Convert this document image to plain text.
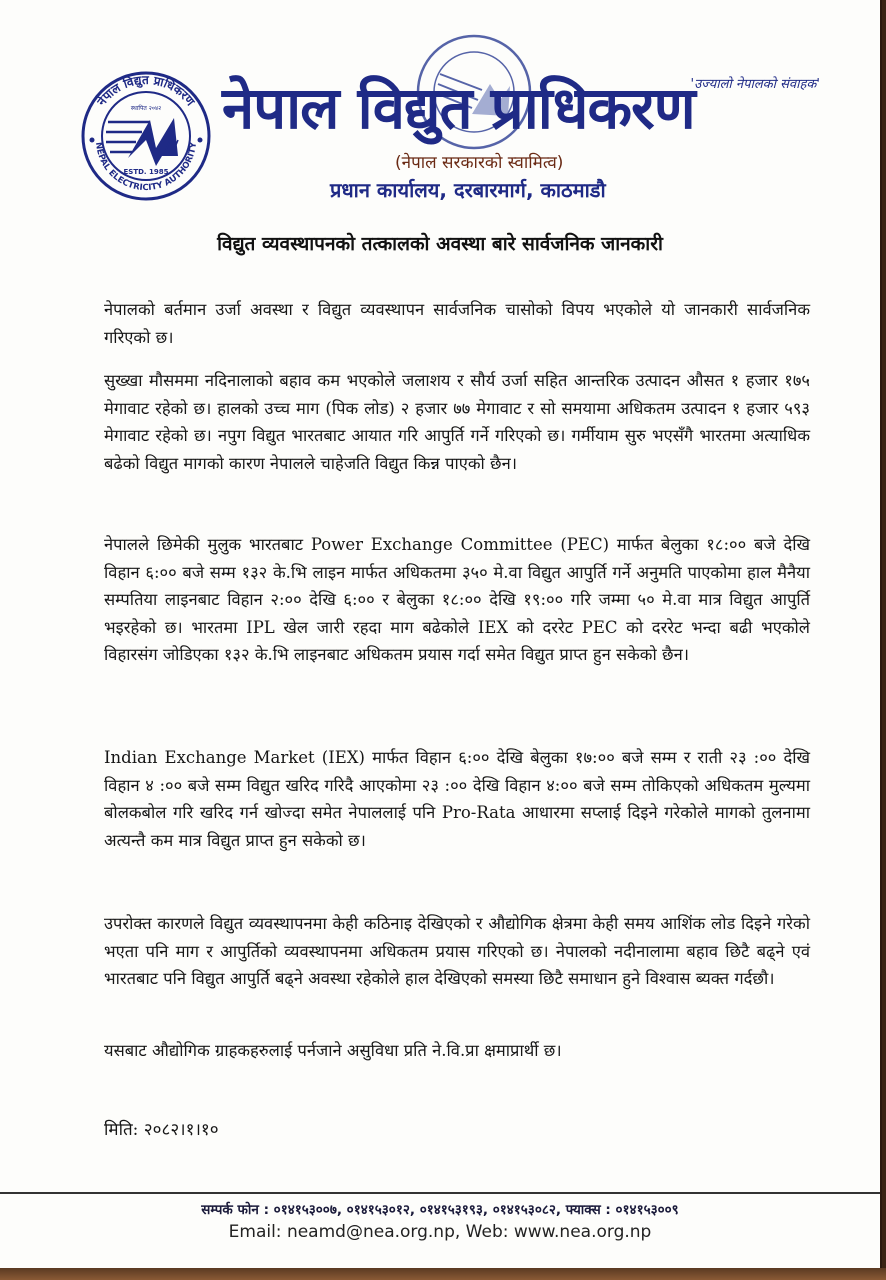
स्थापित २०४२
ESTD. 1985
नेपाल विद्युत प्राधिकरण
NEPAL ELECTRICITY AUTHORITY
नेपाल विद्युत प्राधिकरण
'उज्यालो नेपालको संवाहक'
(नेपाल सरकारको स्वामित्व)
प्रधान कार्यालय, दरबारमार्ग, काठमाडौ
विद्युत व्यवस्थापनको तत्कालको अवस्था बारे सार्वजनिक जानकारी

नेपालको बर्तमान उर्जा अवस्था र विद्युत व्यवस्थापन सार्वजनिक चासोको विपय भएकोले यो जानकारी सार्वजनिक गरिएको छ।

सुख्खा मौसममा नदिनालाको बहाव कम भएकोले जलाशय र सौर्य उर्जा सहित आन्तरिक उत्पादन औसत १ हजार १७५ मेगावाट रहेको छ। हालको उच्च माग (पिक लोड) २ हजार ७७ मेगावाट र सो समयामा अधिकतम उत्पादन १ हजार ५९३ मेगावाट रहेको छ। नपुग विद्युत भारतबाट आयात गरि आपुर्ति गर्ने गरिएको छ। गर्मीयाम सुरु भएसँगै भारतमा अत्याधिक बढेको विद्युत मागको कारण नेपालले चाहेजति विद्युत किन्न पाएको छैन।

नेपालले छिमेकी मुलुक भारतबाट Power Exchange Committee (PEC) मार्फत बेलुका १८:०० बजे देखि विहान ६:०० बजे सम्म १३२ के.भि लाइन मार्फत अधिकतमा ३५० मे.वा विद्युत आपुर्ति गर्ने अनुमति पाएकोमा हाल मैनैया सम्पतिया लाइनबाट विहान २:०० देखि ६:०० र बेलुका १८:०० देखि १९:०० गरि जम्मा ५० मे.वा मात्र विद्युत आपुर्ति भइरहेको छ। भारतमा IPL खेल जारी रहदा माग बढेकोले IEX को दररेट PEC को दररेट भन्दा बढी भएकोले विहारसंग जोडिएका १३२ के.भि लाइनबाट अधिकतम प्रयास गर्दा समेत विद्युत प्राप्त हुन सकेको छैन।

Indian Exchange Market (IEX) मार्फत विहान ६:०० देखि बेलुका १७:०० बजे सम्म र राती २३ :०० देखि विहान ४ :०० बजे सम्म विद्युत खरिद गरिदै आएकोमा २३ :०० देखि विहान ४:०० बजे सम्म तोकिएको अधिकतम मुल्यमा बोलकबोल गरि खरिद गर्न खोज्दा समेत नेपाललाई पनि Pro-Rata आधारमा सप्लाई दिइने गरेकोले मागको तुलनामा अत्यन्तै कम मात्र विद्युत प्राप्त हुन सकेको छ।

उपरोक्त कारणले विद्युत व्यवस्थापनमा केही कठिनाइ देखिएको र औद्योगिक क्षेत्रमा केही समय आशिंक लोड दिइने गरेको भएता पनि माग र आपुर्तिको व्यवस्थापनमा अधिकतम प्रयास गरिएको छ। नेपालको नदीनालामा बहाव छिटै बढ्ने एवं भारतबाट पनि विद्युत आपुर्ति बढ्ने अवस्था रहेकोले हाल देखिएको समस्या छिटै समाधान हुने विश्वास ब्यक्त गर्दछौ।

यसबाट औद्योगिक ग्राहकहरुलाई पर्नजाने असुविधा प्रति ने.वि.प्रा क्षमाप्रार्थी छ।

मिति: २०८२।१।१०
सम्पर्क फोन : ०१४१५३००७, ०१४१५३०१२, ०१४१५३१९३, ०१४१५३०८२, फ्याक्स : ०१४१५३००९
Email: neamd@nea.org.np, Web: www.nea.org.np
